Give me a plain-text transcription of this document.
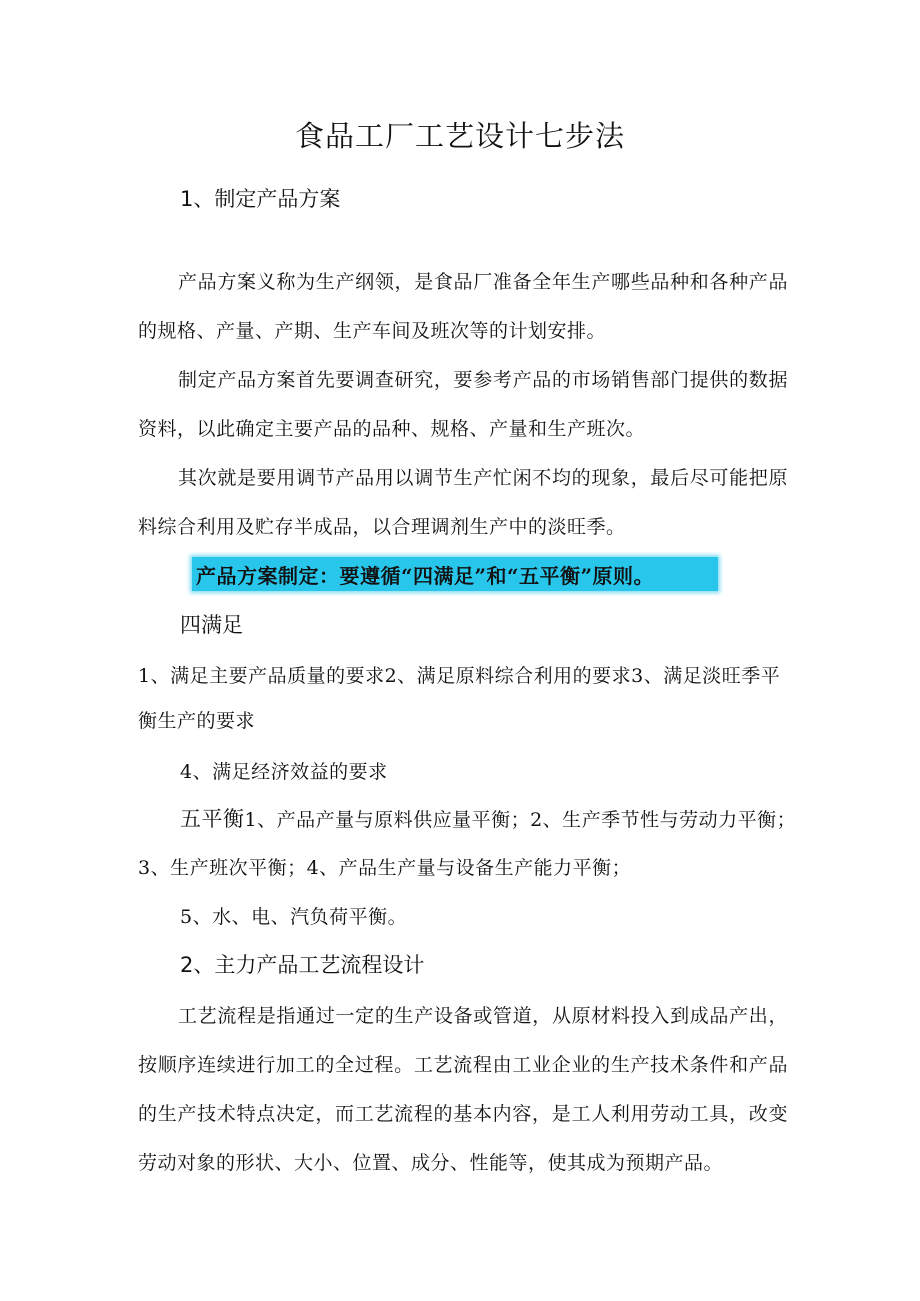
食品工厂工艺设计七步法
1、制定产品方案
产品方案义称为生产纲领，是食品厂准备全年生产哪些品种和各种产品的规格、产量、产期、生产车间及班次等的计划安排。
制定产品方案首先要调查研究，要参考产品的市场销售部门提供的数据资料，以此确定主要产品的品种、规格、产量和生产班次。
其次就是要用调节产品用以调节生产忙闲不均的现象，最后尽可能把原料综合利用及贮存半成品，以合理调剂生产中的淡旺季。
产品方案制定：要遵循“四满足”和“五平衡”原则。
四满足
1、满足主要产品质量的要求2、满足原料综合利用的要求3、满足淡旺季平
衡生产的要求
4、满足经济效益的要求
五平衡1、产品产量与原料供应量平衡；2、生产季节性与劳动力平衡；
3、生产班次平衡；4、产品生产量与设备生产能力平衡；
5、水、电、汽负荷平衡。
2、主力产品工艺流程设计
工艺流程是指通过一定的生产设备或管道，从原材料投入到成品产出，按顺序连续进行加工的全过程。工艺流程由工业企业的生产技术条件和产品的生产技术特点决定，而工艺流程的基本内容，是工人利用劳动工具，改变劳动对象的形状、大小、位置、成分、性能等，使其成为预期产品。
